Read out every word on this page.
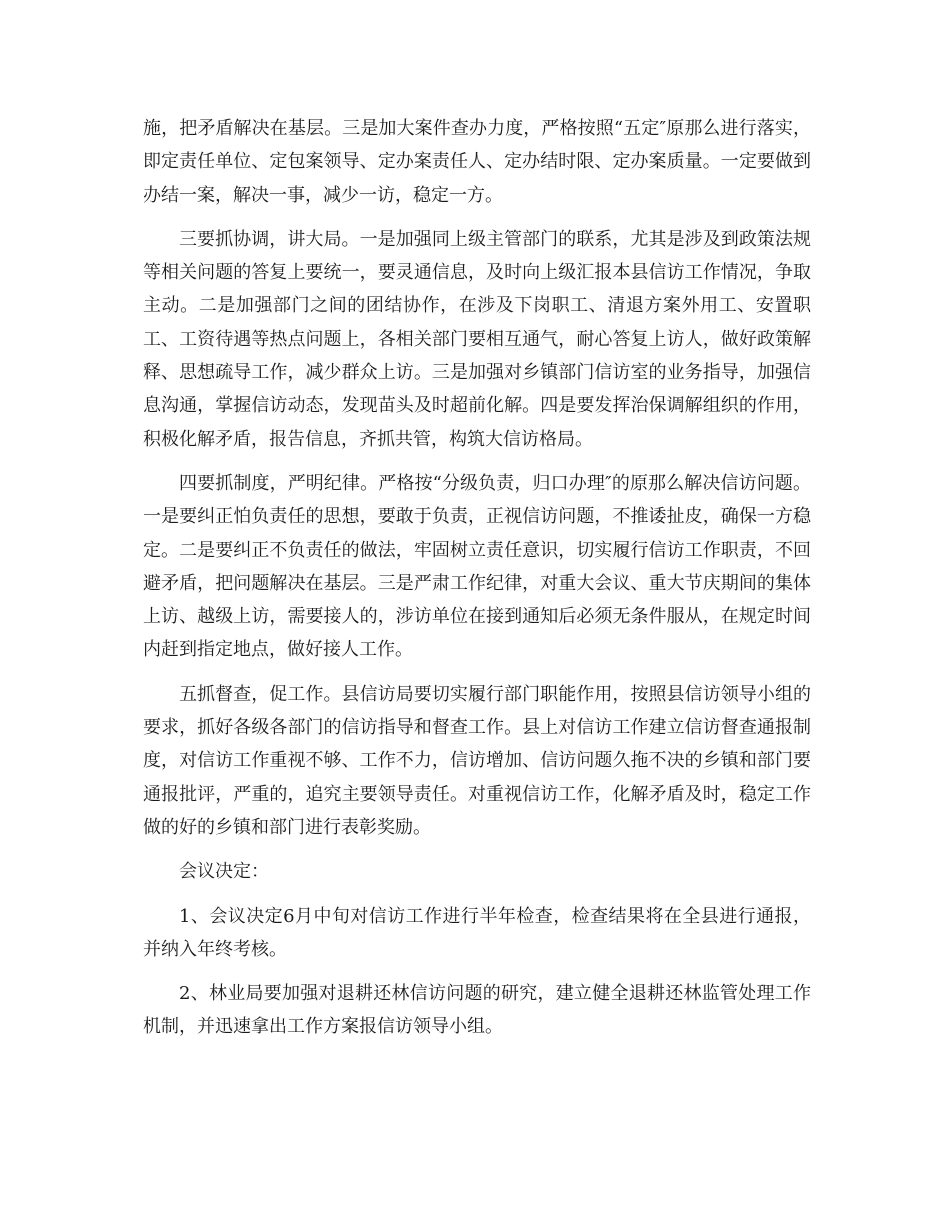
施，把矛盾解决在基层。三是加大案件查办力度，严格按照“五定″原那么进行落实，即定责任单位、定包案领导、定办案责任人、定办结时限、定办案质量。一定要做到办结一案，解决一事，减少一访，稳定一方。

三要抓协调，讲大局。一是加强同上级主管部门的联系，尤其是涉及到政策法规等相关问题的答复上要统一，要灵通信息，及时向上级汇报本县信访工作情况，争取主动。二是加强部门之间的团结协作，在涉及下岗职工、清退方案外用工、安置职工、工资待遇等热点问题上，各相关部门要相互通气，耐心答复上访人，做好政策解释、思想疏导工作，减少群众上访。三是加强对乡镇部门信访室的业务指导，加强信息沟通，掌握信访动态，发现苗头及时超前化解。四是要发挥治保调解组织的作用，积极化解矛盾，报告信息，齐抓共管，构筑大信访格局。

四要抓制度，严明纪律。严格按“分级负责，归口办理″的原那么解决信访问题。一是要纠正怕负责任的思想，要敢于负责，正视信访问题，不推诿扯皮，确保一方稳定。二是要纠正不负责任的做法，牢固树立责任意识，切实履行信访工作职责，不回避矛盾，把问题解决在基层。三是严肃工作纪律，对重大会议、重大节庆期间的集体上访、越级上访，需要接人的，涉访单位在接到通知后必须无条件服从，在规定时间内赶到指定地点，做好接人工作。

五抓督查，促工作。县信访局要切实履行部门职能作用，按照县信访领导小组的要求，抓好各级各部门的信访指导和督查工作。县上对信访工作建立信访督查通报制度，对信访工作重视不够、工作不力，信访增加、信访问题久拖不决的乡镇和部门要通报批评，严重的，追究主要领导责任。对重视信访工作，化解矛盾及时，稳定工作做的好的乡镇和部门进行表彰奖励。

会议决定：

1、会议决定6月中旬对信访工作进行半年检查，检查结果将在全县进行通报，并纳入年终考核。

2、林业局要加强对退耕还林信访问题的研究，建立健全退耕还林监管处理工作机制，并迅速拿出工作方案报信访领导小组。
